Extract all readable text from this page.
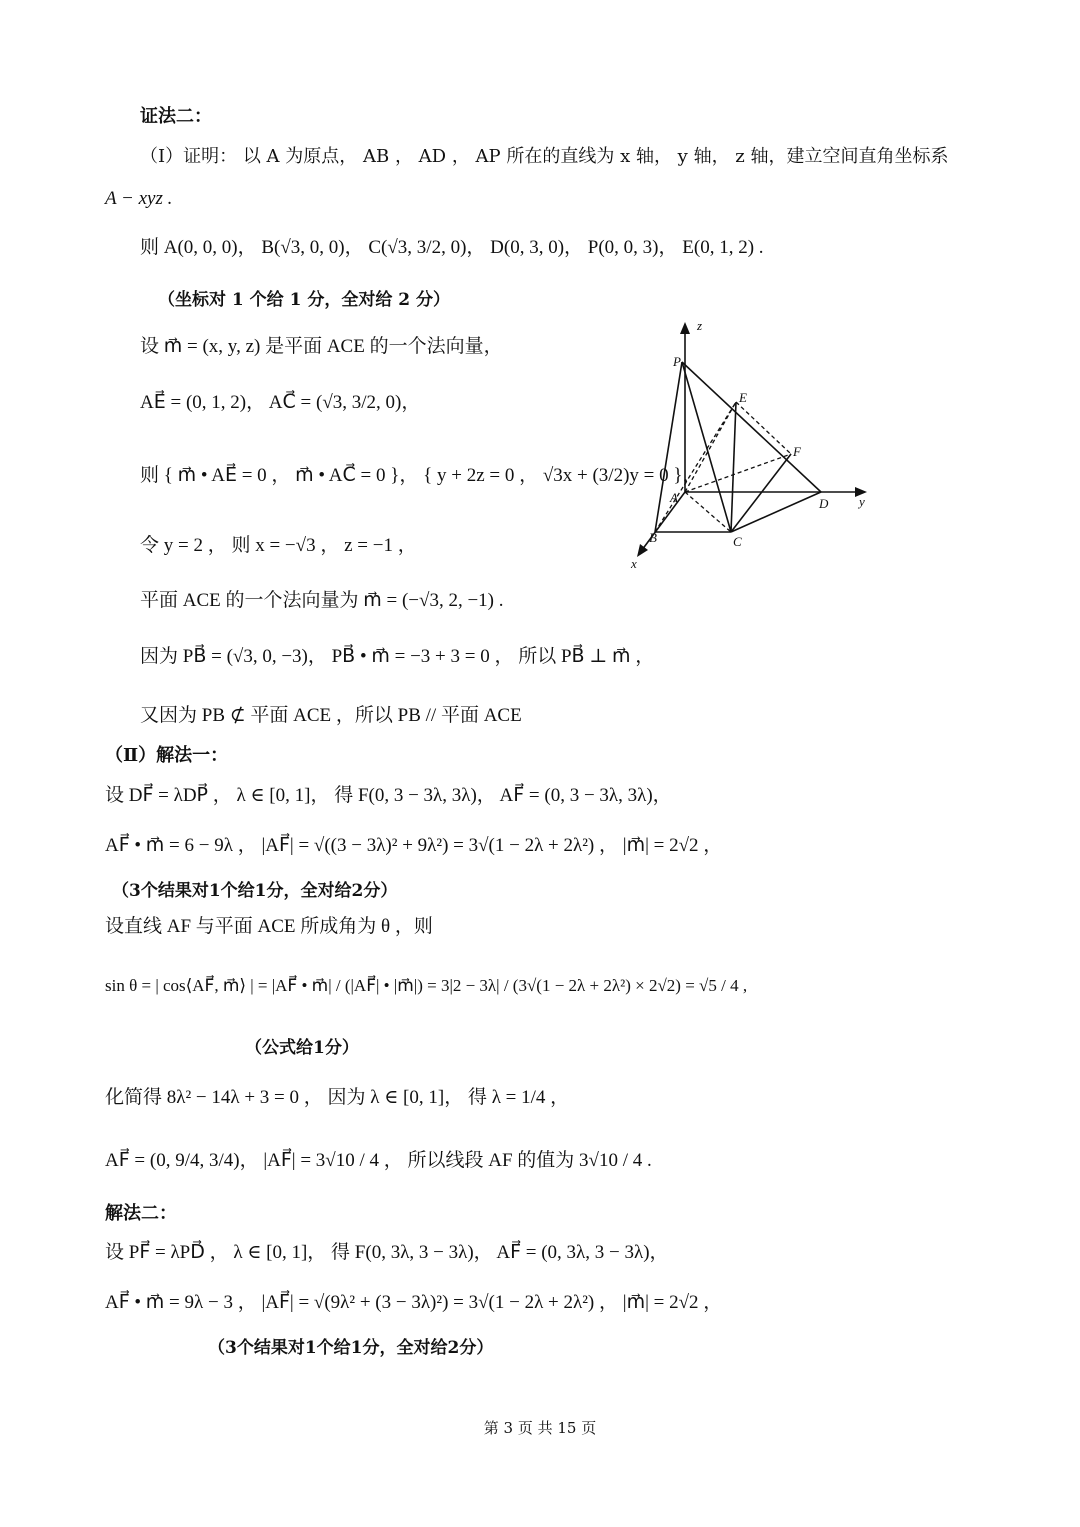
证法二：
（Ⅰ）证明： 以 A 为原点， AB ， AD ， AP 所在的直线为 x 轴， y 轴， z 轴，建立空间直角坐标系
A − xyz .
则 A(0, 0, 0)， B(√3, 0, 0)， C(√3, 3/2, 0)， D(0, 3, 0)， P(0, 0, 3)， E(0, 1, 2) .
（坐标对 1 个给 1 分，全对给 2 分）
设 m⃗ = (x, y, z) 是平面 ACE 的一个法向量，
AE⃗ = (0, 1, 2)， AC⃗ = (√3, 3/2, 0)，
则 { m⃗ • AE⃗ = 0 ， m⃗ • AC⃗ = 0 }， { y + 2z = 0 ， √3x + (3/2)y = 0 }，
令 y = 2 ， 则 x = −√3 ， z = −1 ，
平面 ACE 的一个法向量为 m⃗ = (−√3, 2, −1) .
因为 PB⃗ = (√3, 0, −3)， PB⃗ • m⃗ = −3 + 3 = 0 ， 所以 PB⃗ ⊥ m⃗ ，
又因为 PB ⊄ 平面 ACE ，所以 PB // 平面 ACE
z
y
x
P
E
F
A
B	C
D
（Ⅱ）解法一：
设 DF⃗ = λDP⃗ ， λ ∈ [0, 1]， 得 F(0, 3 − 3λ, 3λ)， AF⃗ = (0, 3 − 3λ, 3λ)，
AF⃗ • m⃗ = 6 − 9λ ， |AF⃗| = √((3 − 3λ)² + 9λ²) = 3√(1 − 2λ + 2λ²) ， |m⃗| = 2√2 ，
（3个结果对1个给1分，全对给2分）
设直线 AF 与平面 ACE 所成角为 θ ，则
sin θ = | cos⟨AF⃗, m⃗⟩ | = |AF⃗ • m⃗| / (|AF⃗| • |m⃗|) = 3|2 − 3λ| / (3√(1 − 2λ + 2λ²) × 2√2) = √5 / 4 ,
（公式给1分）
化简得 8λ² − 14λ + 3 = 0 ， 因为 λ ∈ [0, 1]， 得 λ = 1/4 ，
AF⃗ = (0, 9/4, 3/4)， |AF⃗| = 3√10 / 4 ， 所以线段 AF 的值为 3√10 / 4 .
解法二：
设 PF⃗ = λPD⃗ ， λ ∈ [0, 1]， 得 F(0, 3λ, 3 − 3λ)， AF⃗ = (0, 3λ, 3 − 3λ)，
AF⃗ • m⃗ = 9λ − 3 ， |AF⃗| = √(9λ² + (3 − 3λ)²) = 3√(1 − 2λ + 2λ²) ， |m⃗| = 2√2 ，
（3个结果对1个给1分，全对给2分）
第 3 页 共 15 页
